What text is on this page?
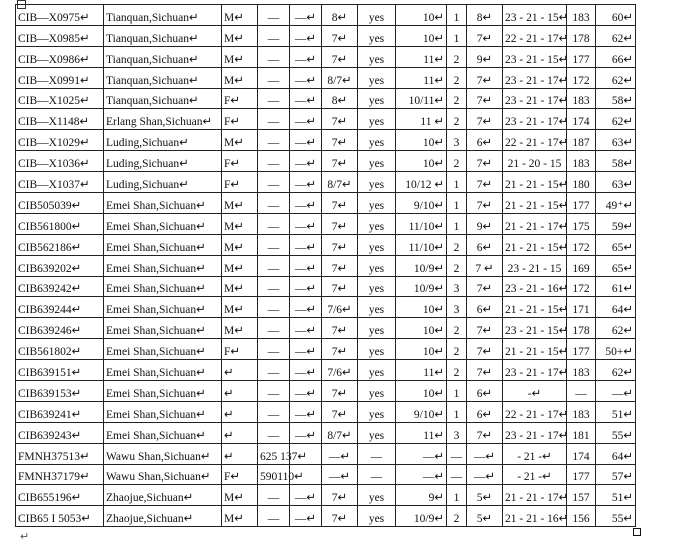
CIB—X0975↵	Tianquan,Sichuan↵	M↵	—	—↵	8↵	yes	10↵	1	8↵	23 - 21 - 15↵	183	60↵
CIB—X0985↵	Tianquan,Sichuan↵	M↵	—	—↵	7↵	yes	10↵	1	7↵	22 - 21 - 17↵	178	62↵
CIB—X0986↵	Tianquan,Sichuan↵	M↵	—	—↵	7↵	yes	11↵	2	9↵	23 - 21 - 15↵	177	66↵
CIB—X0991↵	Tianquan,Sichuan↵	M↵	—	—↵	8/7↵	yes	11↵	2	7↵	23 - 21 - 17↵	172	62↵
CIB—X1025↵	Tianquan,Sichuan↵	F↵	—	—↵	8↵	yes	10/11↵	2	7↵	23 - 21 - 17↵	183	58↵
CIB—X1148↵	Erlang Shan,Sichuan↵	F↵	—	—↵	7↵	yes	11 ↵	2	7↵	23 - 21 - 17↵	174	62↵
CIB—X1029↵	Luding,Sichuan↵	M↵	—	—↵	7↵	yes	10↵	3	6↵	22 - 21 - 17↵	187	63↵
CIB—X1036↵	Luding,Sichuan↵	F↵	—	—↵	7↵	yes	10↵	2	7↵	21 - 20 - 15	183	58↵
CIB—X1037↵	Luding,Sichuan↵	F↵	—	—↵	8/7↵	yes	10/12 ↵	1	7↵	21 - 21 - 15↵	180	63↵
CIB505039↵	Emei Shan,Sichuan↵	M↵	—	—↵	7↵	yes	9/10↵	1	7↵	21 - 21 - 15↵	177	49⁺↵
CIB561800↵	Emei Shan,Sichuan↵	M↵	—	—↵	7↵	yes	11/10↵	1	9↵	21 - 21 - 17↵	175	59↵
CIB562186↵	Emei Shan,Sichuan↵	M↵	—	—↵	7↵	yes	11/10↵	2	6↵	21 - 21 - 15↵	172	65↵
CIB639202↵	Emei Shan,Sichuan↵	M↵	—	—↵	7↵	yes	10/9↵	2	7 ↵	23 - 21 - 15	169	65↵
CIB639242↵	Emei Shan,Sichuan↵	M↵	—	—↵	7↵	yes	10/9↵	3	7↵	23 - 21 - 16↵	172	61↵
CIB639244↵	Emei Shan,Sichuan↵	M↵	—	—↵	7/6↵	yes	10↵	3	6↵	21 - 21 - 15↵	171	64↵
CIB639246↵	Emei Shan,Sichuan↵	M↵	—	—↵	7↵	yes	10↵	2	7↵	23 - 21 - 15↵	178	62↵
CIB561802↵	Emei Shan,Sichuan↵	F↵	—	—↵	7↵	yes	10↵	2	7↵	21 - 21 - 15↵	177	50+↵
CIB639151↵	Emei Shan,Sichuan↵	↵	—	—↵	7/6↵	yes	11↵	2	7↵	23 - 21 - 17↵	183	62↵
CIB639153↵	Emei Shan,Sichuan↵	↵	—	—↵	7↵	yes	10↵	1	6↵	-↵	—	—↵
CIB639241↵	Emei Shan,Sichuan↵	↵	—	—↵	7↵	yes	9/10↵	1	6↵	22 - 21 - 17↵	183	51↵
CIB639243↵	Emei Shan,Sichuan↵	↵	—	—↵	8/7↵	yes	11↵	3	7↵	23 - 21 - 17↵	181	55↵
FMNH37513↵	Wawu Shan,Sichuan↵	↵	625 137↵		—↵	—	—↵	—	—↵	- 21 -↵	174	64↵
FMNH37179↵	Wawu Shan,Sichuan↵	F↵	590110↵		—↵	—	—↵	—	—↵	- 21 -↵	177	57↵
CIB655196↵	Zhaojue,Sichuan↵	M↵	—	—↵	7↵	yes	9↵	1	5↵	21 - 21 - 17↵	157	51↵
CIB65 I 5053↵	Zhaojue,Sichuan↵	M↵	—	—↵	7↵	yes	10/9↵	2	5↵	21 - 21 - 16↵	156	55↵
↵
